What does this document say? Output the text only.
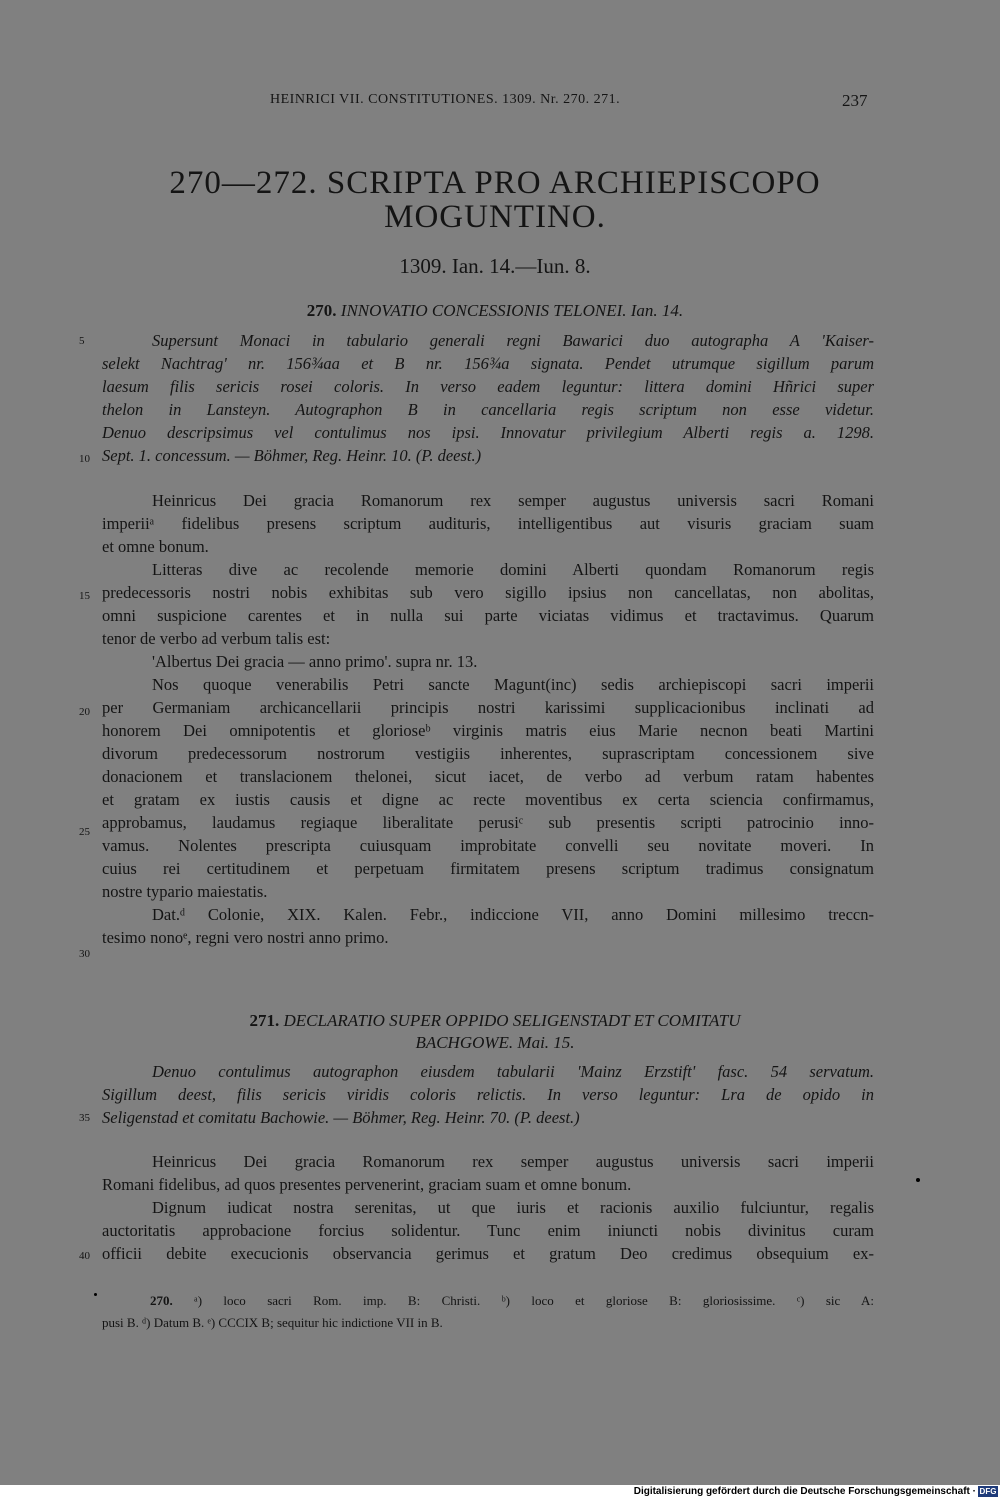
HEINRICI VII. CONSTITUTIONES. 1309. Nr. 270. 271.	237
270—272. SCRIPTA PRO ARCHIEPISCOPO
MOGUNTINO.
1309. Ian. 14.—Iun. 8.
270. INNOVATIO CONCESSIONIS TELONEI. Ian. 14.
Supersunt Monaci in tabulario generali regni Bawarici duo autographa A 'Kaiser-
selekt Nachtrag' nr. 156¾aa et B nr. 156¾a signata. Pendet utrumque sigillum parum
laesum filis sericis rosei coloris. In verso eadem leguntur: littera domini Hñrici super
thelon in Lansteyn. Autographon B in cancellaria regis scriptum non esse videtur.
Denuo descripsimus vel contulimus nos ipsi. Innovatur privilegium Alberti regis a. 1298.
Sept. 1. concessum. — Böhmer, Reg. Heinr. 10. (P. deest.)
Heinricus Dei gracia Romanorum rex semper augustus universis sacri Romani
imperiiᵃ fidelibus presens scriptum audituris, intelligentibus aut visuris graciam suam
et omne bonum.
Litteras dive ac recolende memorie domini Alberti quondam Romanorum regis
predecessoris nostri nobis exhibitas sub vero sigillo ipsius non cancellatas, non abolitas,
omni suspicione carentes et in nulla sui parte viciatas vidimus et tractavimus. Quarum
tenor de verbo ad verbum talis est:
'Albertus Dei gracia — anno primo'. supra nr. 13.
Nos quoque venerabilis Petri sancte Magunt(inc) sedis archiepiscopi sacri imperii
per Germaniam archicancellarii principis nostri karissimi supplicacionibus inclinati ad
honorem Dei omnipotentis et glorioseᵇ virginis matris eius Marie necnon beati Martini
divorum predecessorum nostrorum vestigiis inherentes, suprascriptam concessionem sive
donacionem et translacionem thelonei, sicut iacet, de verbo ad verbum ratam habentes
et gratam ex iustis causis et digne ac recte moventibus ex certa sciencia confirmamus,
approbamus, laudamus regiaque liberalitate perusiᶜ sub presentis scripti patrocinio inno-
vamus. Nolentes prescripta cuiusquam improbitate convelli seu novitate moveri. In
cuius rei certitudinem et perpetuam firmitatem presens scriptum tradimus consignatum
nostre typario maiestatis.
Dat.ᵈ Colonie, XIX. Kalen. Febr., indiccione VII, anno Domini millesimo treccn-
tesimo nonoᵉ, regni vero nostri anno primo.
271. DECLARATIO SUPER OPPIDO SELIGENSTADT ET COMITATU
BACHGOWE. Mai. 15.
Denuo contulimus autographon eiusdem tabularii 'Mainz Erzstift' fasc. 54 servatum.
Sigillum deest, filis sericis viridis coloris relictis. In verso leguntur: Lra de opido in
Seligenstad et comitatu Bachowie. — Böhmer, Reg. Heinr. 70. (P. deest.)
Heinricus Dei gracia Romanorum rex semper augustus universis sacri imperii
Romani fidelibus, ad quos presentes pervenerint, graciam suam et omne bonum.
Dignum iudicat nostra serenitas, ut que iuris et racionis auxilio fulciuntur, regalis
auctoritatis approbacione forcius solidentur. Tunc enim iniuncti nobis divinitus curam
officii debite execucionis observancia gerimus et gratum Deo credimus obsequium ex-
5
10
15
20
25
30
35
40
270. ᵃ) loco sacri Rom. imp. B: Christi. ᵇ) loco et gloriose B: gloriosissime. ᶜ) sic A:
pusi B. ᵈ) Datum B. ᵉ) CCCIX B; sequitur hic indictione VII in B.
Digitalisierung gefördert durch die Deutsche Forschungsgemeinschaft · DFG
